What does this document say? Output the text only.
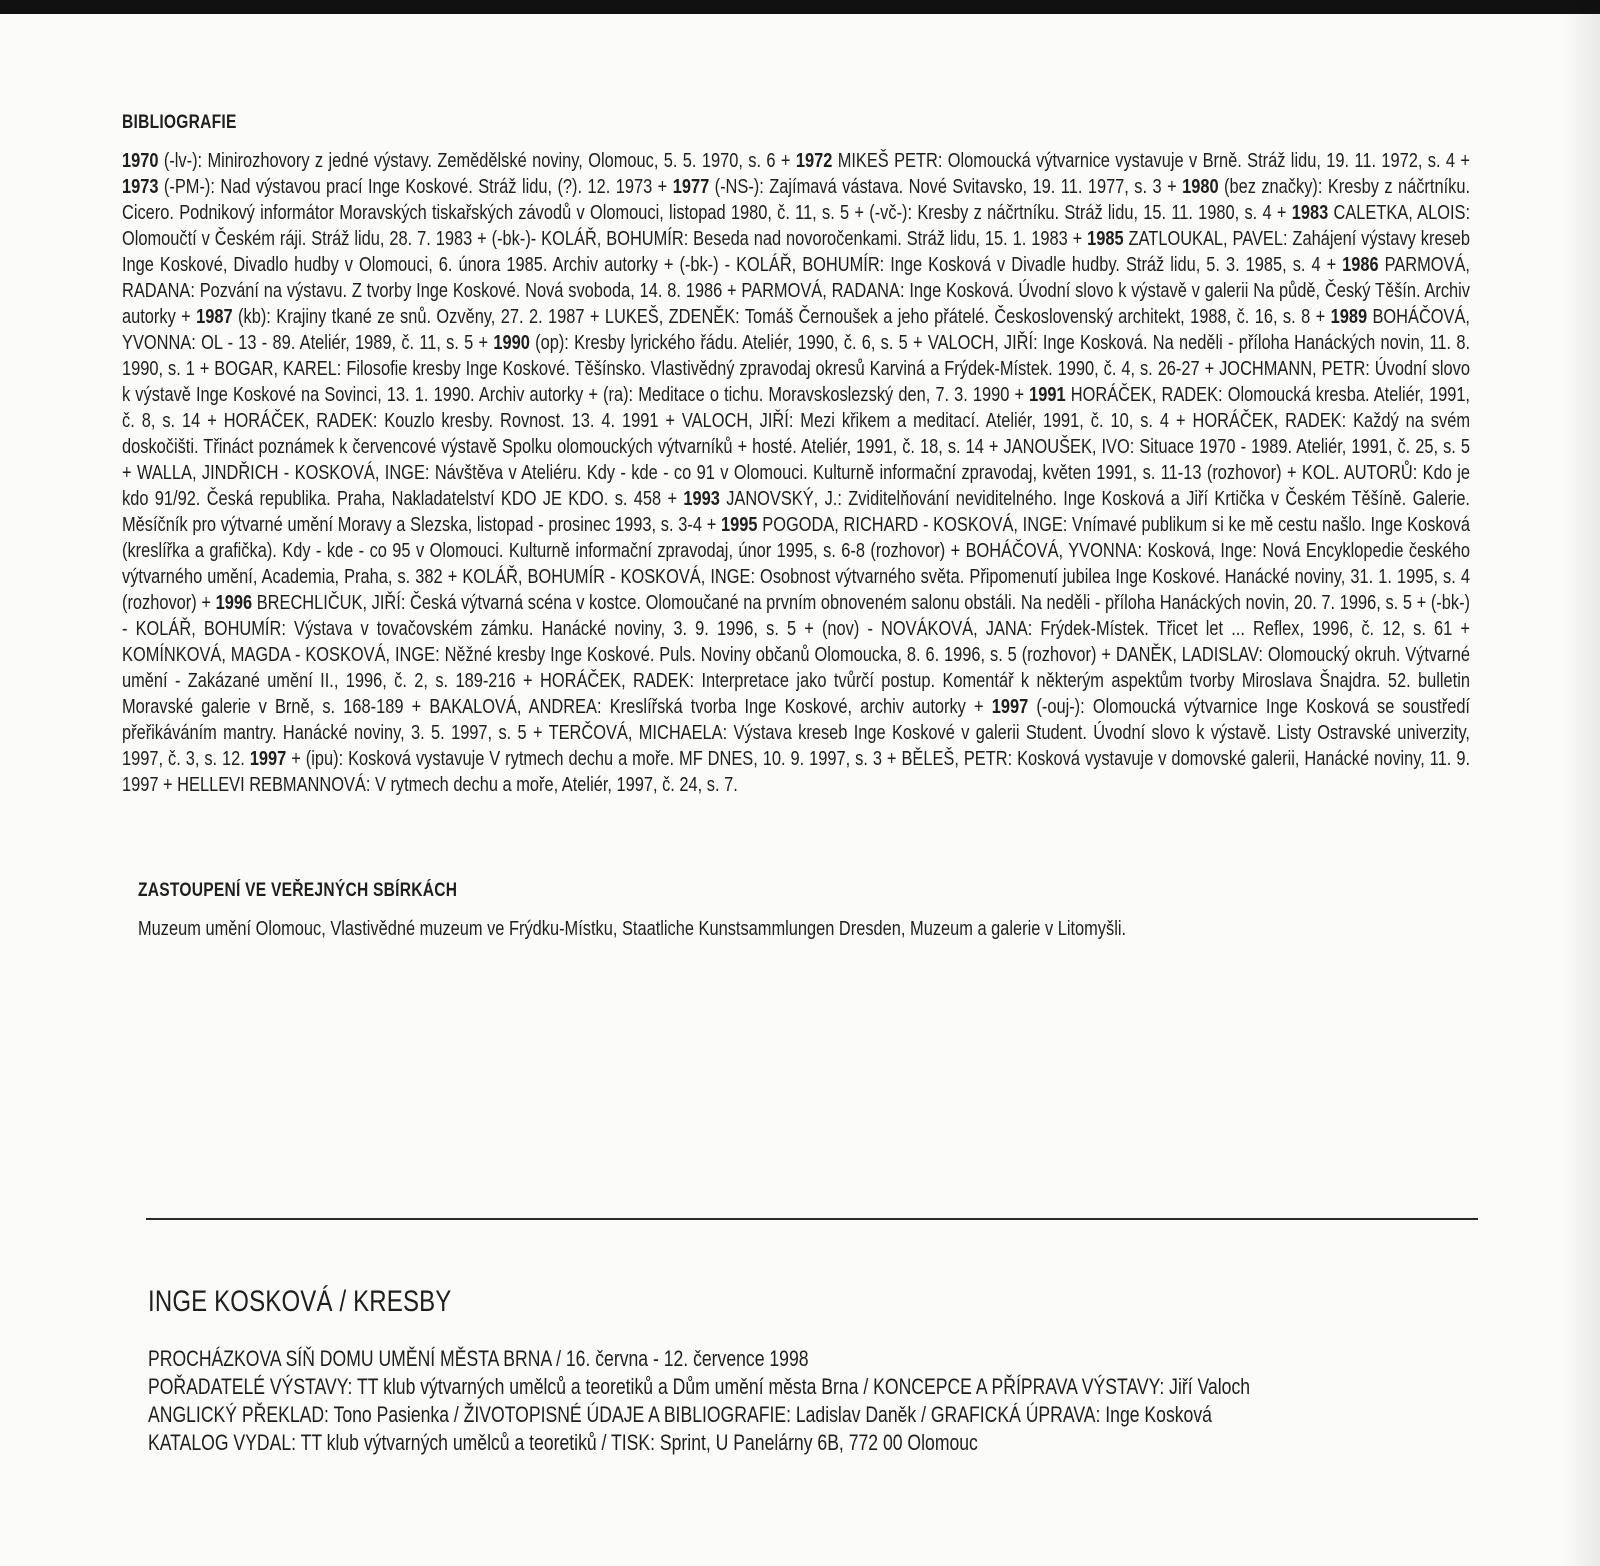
BIBLIOGRAFIE

1970 (-lv-): Minirozhovory z jedné výstavy. Zemědělské noviny, Olomouc, 5. 5. 1970, s. 6 + 1972 MIKEŠ PETR: Olomoucká výtvarnice vystavuje v Brně. Stráž lidu, 19. 11. 1972, s. 4 + 1973 (-PM-): Nad výstavou prací Inge Koskové. Stráž lidu, (?). 12. 1973 + 1977 (-NS-): Zajímavá vástava. Nové Svitavsko, 19. 11. 1977, s. 3 + 1980 (bez značky): Kresby z náčrtníku. Cicero. Podnikový informátor Moravských tiskařských závodů v Olomouci, listopad 1980, č. 11, s. 5 + (-vč-): Kresby z náčrtníku. Stráž lidu, 15. 11. 1980, s. 4 + 1983 CALETKA, ALOIS: Olomoučtí v Českém ráji. Stráž lidu, 28. 7. 1983 + (-bk-)- KOLÁŘ, BOHUMÍR: Beseda nad novoročenkami. Stráž lidu, 15. 1. 1983 + 1985 ZATLOUKAL, PAVEL: Zahájení výstavy kreseb Inge Koskové, Divadlo hudby v Olomouci, 6. února 1985. Archiv autorky + (-bk-) - KOLÁŘ, BOHUMÍR: Inge Kosková v Divadle hudby. Stráž lidu, 5. 3. 1985, s. 4 + 1986 PARMOVÁ, RADANA: Pozvání na výstavu. Z tvorby Inge Koskové. Nová svoboda, 14. 8. 1986 + PARMOVÁ, RADANA: Inge Kosková. Úvodní slovo k výstavě v galerii Na půdě, Český Těšín. Archiv autorky + 1987 (kb): Krajiny tkané ze snů. Ozvěny, 27. 2. 1987 + LUKEŠ, ZDENĚK: Tomáš Černoušek a jeho přátelé. Československý architekt, 1988, č. 16, s. 8 + 1989 BOHÁČOVÁ, YVONNA: OL - 13 - 89. Ateliér, 1989, č. 11, s. 5 + 1990 (op): Kresby lyrického řádu. Ateliér, 1990, č. 6, s. 5 + VALOCH, JIŘÍ: Inge Kosková. Na neděli - příloha Hanáckých novin, 11. 8. 1990, s. 1 + BOGAR, KAREL: Filosofie kresby Inge Koskové. Těšínsko. Vlastivědný zpravodaj okresů Karviná a Frýdek-Místek. 1990, č. 4, s. 26-27 + JOCHMANN, PETR: Úvodní slovo k výstavě Inge Koskové na Sovinci, 13. 1. 1990. Archiv autorky + (ra): Meditace o tichu. Moravskoslezský den, 7. 3. 1990 + 1991 HORÁČEK, RADEK: Olomoucká kresba. Ateliér, 1991, č. 8, s. 14 + HORÁČEK, RADEK: Kouzlo kresby. Rovnost. 13. 4. 1991 + VALOCH, JIŘÍ: Mezi křikem a meditací. Ateliér, 1991, č. 10, s. 4 + HORÁČEK, RADEK: Každý na svém doskočišti. Třináct poznámek k červencové výstavě Spolku olomouckých výtvarníků + hosté. Ateliér, 1991, č. 18, s. 14 + JANOUŠEK, IVO: Situace 1970 - 1989. Ateliér, 1991, č. 25, s. 5 + WALLA, JINDŘICH - KOSKOVÁ, INGE: Návštěva v Ateliéru. Kdy - kde - co 91 v Olomouci. Kulturně informační zpravodaj, květen 1991, s. 11-13 (rozhovor) + KOL. AUTORŮ: Kdo je kdo 91/92. Česká republika. Praha, Nakladatelství KDO JE KDO. s. 458 + 1993 JANOVSKÝ, J.: Zviditelňování neviditelného. Inge Kosková a Jiří Krtička v Českém Těšíně. Galerie. Měsíčník pro výtvarné umění Moravy a Slezska, listopad - prosinec 1993, s. 3-4 + 1995 POGODA, RICHARD - KOSKOVÁ, INGE: Vnímavé publikum si ke mě cestu našlo. Inge Kosková (kreslířka a grafička). Kdy - kde - co 95 v Olomouci. Kulturně informační zpravodaj, únor 1995, s. 6-8 (rozhovor) + BOHÁČOVÁ, YVONNA: Kosková, Inge: Nová Encyklopedie českého výtvarného umění, Academia, Praha, s. 382 + KOLÁŘ, BOHUMÍR - KOSKOVÁ, INGE: Osobnost výtvarného světa. Připomenutí jubilea Inge Koskové. Hanácké noviny, 31. 1. 1995, s. 4 (rozhovor) + 1996 BRECHLIČUK, JIŘÍ: Česká výtvarná scéna v kostce. Olomoučané na prvním obnoveném salonu obstáli. Na neděli - příloha Hanáckých novin, 20. 7. 1996, s. 5 + (-bk-) - KOLÁŘ, BOHUMÍR: Výstava v tovačovském zámku. Hanácké noviny, 3. 9. 1996, s. 5 + (nov) - NOVÁKOVÁ, JANA: Frýdek-Místek. Třicet let ... Reflex, 1996, č. 12, s. 61 + KOMÍNKOVÁ, MAGDA - KOSKOVÁ, INGE: Něžné kresby Inge Koskové. Puls. Noviny občanů Olomoucka, 8. 6. 1996, s. 5 (rozhovor) + DANĚK, LADISLAV: Olomoucký okruh. Výtvarné umění - Zakázané umění II., 1996, č. 2, s. 189-216 + HORÁČEK, RADEK: Interpretace jako tvůrčí postup. Komentář k některým aspektům tvorby Miroslava Šnajdra. 52. bulletin Moravské galerie v Brně, s. 168-189 + BAKALOVÁ, ANDREA: Kreslířská tvorba Inge Koskové, archiv autorky + 1997 (-ouj-): Olomoucká výtvarnice Inge Kosková se soustředí přeřikáváním mantry. Hanácké noviny, 3. 5. 1997, s. 5 + TERČOVÁ, MICHAELA: Výstava kreseb Inge Koskové v galerii Student. Úvodní slovo k výstavě. Listy Ostravské univerzity, 1997, č. 3, s. 12. 1997 + (ipu): Kosková vystavuje V rytmech dechu a moře. MF DNES, 10. 9. 1997, s. 3 + BĚLEŠ, PETR: Kosková vystavuje v domovské galerii, Hanácké noviny, 11. 9. 1997 + HELLEVI REBMANNOVÁ: V rytmech dechu a moře, Ateliér, 1997, č. 24, s. 7.

ZASTOUPENÍ VE VEŘEJNÝCH SBÍRKÁCH

Muzeum umění Olomouc, Vlastivědné muzeum ve Frýdku-Místku, Staatliche Kunstsammlungen Dresden, Muzeum a galerie v Litomyšli.

INGE KOSKOVÁ / KRESBY

PROCHÁZKOVA SÍŇ DOMU UMĚNÍ MĚSTA BRNA / 16. června - 12. července 1998

POŘADATELÉ VÝSTAVY: TT klub výtvarných umělců a teoretiků a Dům umění města Brna / KONCEPCE A PŘÍPRAVA VÝSTAVY: Jiří Valoch

ANGLICKÝ PŘEKLAD: Tono Pasienka / ŽIVOTOPISNÉ ÚDAJE A BIBLIOGRAFIE: Ladislav Daněk / GRAFICKÁ ÚPRAVA: Inge Kosková

KATALOG VYDAL: TT klub výtvarných umělců a teoretiků / TISK: Sprint, U Panelárny 6B, 772 00 Olomouc
